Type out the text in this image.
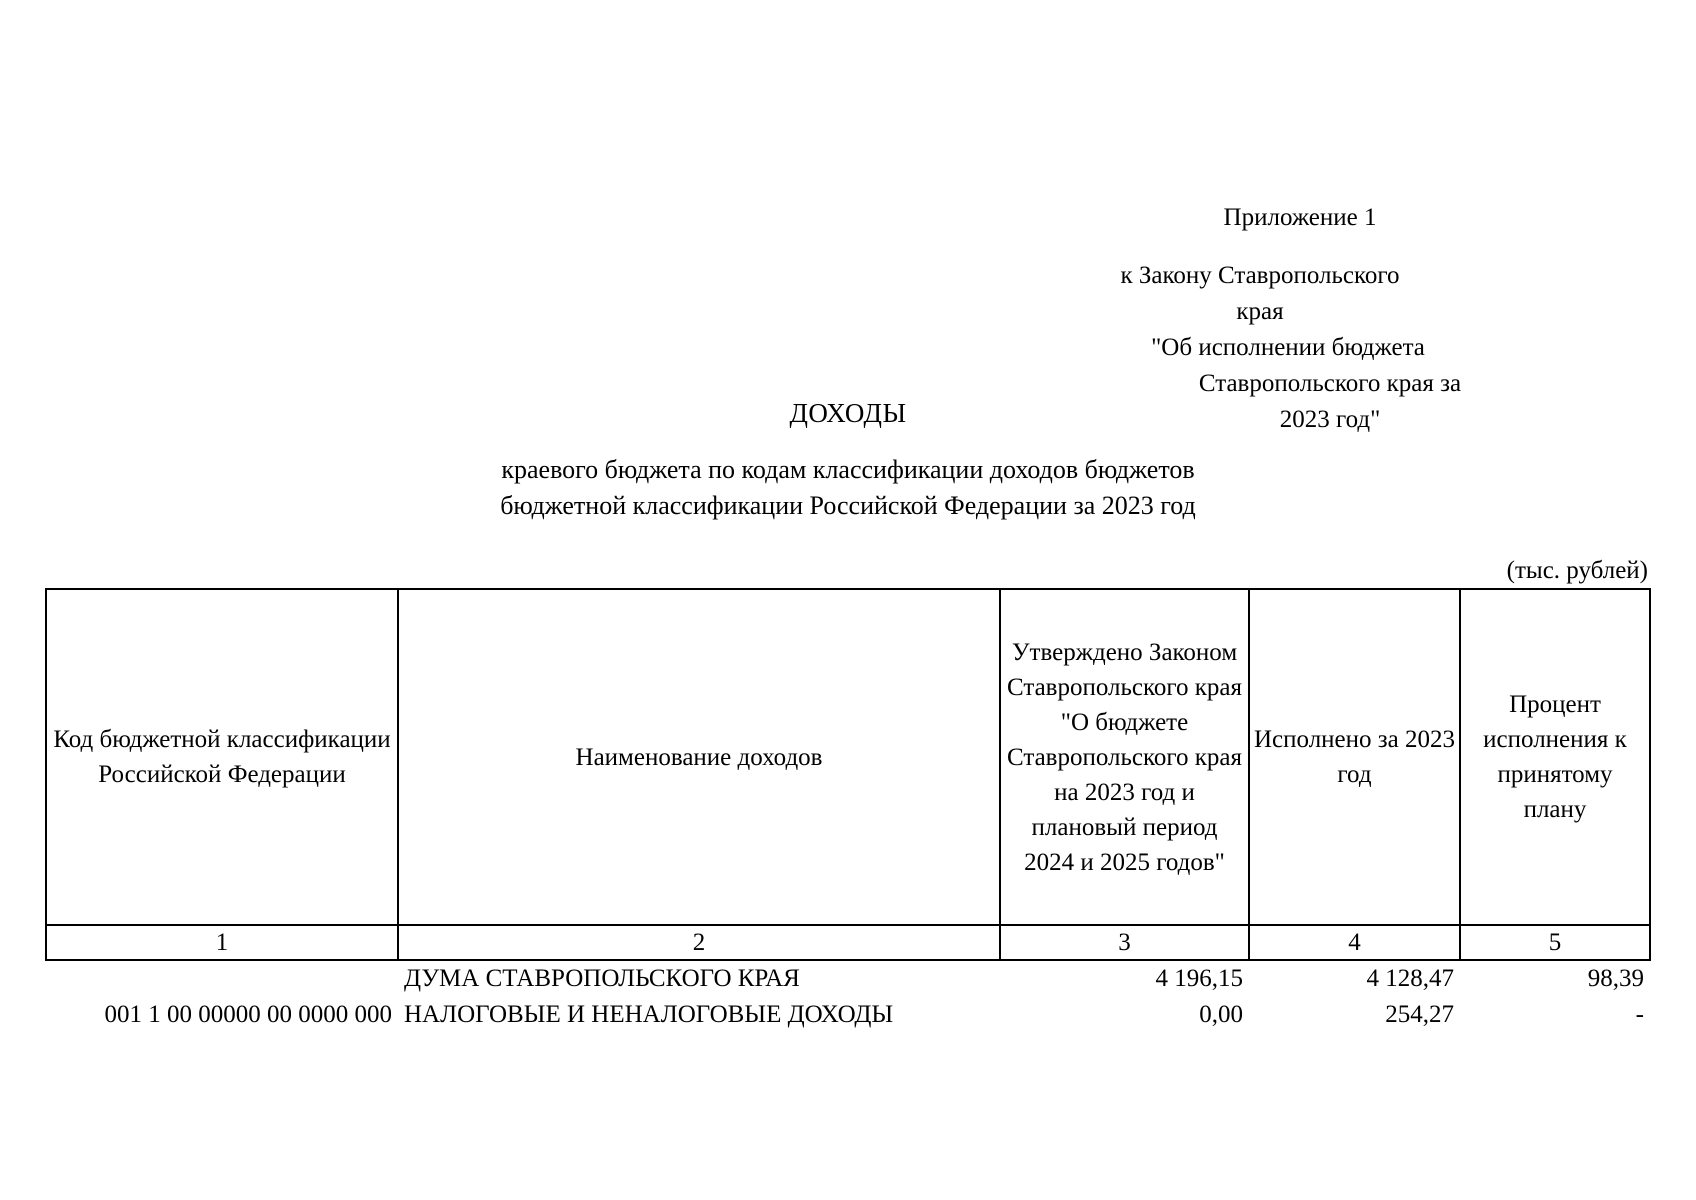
Приложение 1
к Закону Ставропольского края
"Об исполнении бюджета
Ставропольского края за 2023 год"
ДОХОДЫ
краевого бюджета по кодам классификации доходов бюджетов
бюджетной классификации Российской Федерации за 2023 год
(тыс. рублей)
Код бюджетной классификации Российской Федерации	Наименование доходов	Утверждено Законом Ставропольского края "О бюджете Ставропольского края на 2023 год и плановый период 2024 и 2025 годов"	Исполнено за 2023 год	Процент исполнения к принятому плану
1	2	3	4	5
	ДУМА СТАВРОПОЛЬСКОГО КРАЯ	4 196,15	4 128,47	98,39
001 1 00 00000 00 0000 000	НАЛОГОВЫЕ И НЕНАЛОГОВЫЕ ДОХОДЫ	0,00	254,27	-
